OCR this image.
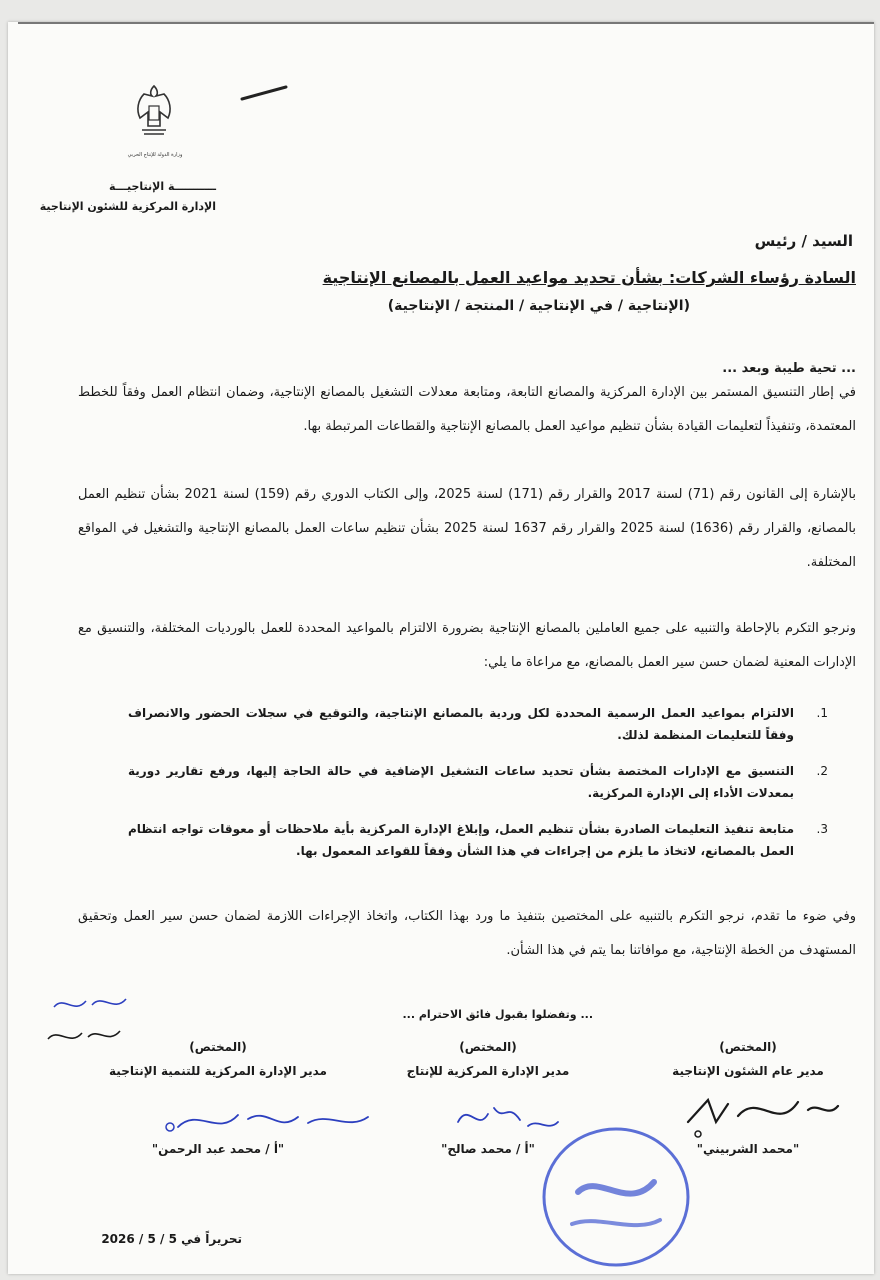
وزارة الدولة للإنتاج الحربي
ـــــــــــة الإنتاجيـــة
الإدارة المركزية للشئون الإنتاجية
السيد / رئيس
السادة رؤساء الشركات: بشأن تحديد مواعيد العمل بالمصانع الإنتاجية
(الإنتاجية / في الإنتاجية / المنتجة / الإنتاجية)
... تحية طيبة وبعد ...
في إطار التنسيق المستمر بين الإدارة المركزية والمصانع التابعة، ومتابعة معدلات التشغيل بالمصانع الإنتاجية، وضمان انتظام العمل وفقاً للخطط المعتمدة، وتنفيذاً لتعليمات القيادة بشأن تنظيم مواعيد العمل بالمصانع الإنتاجية والقطاعات المرتبطة بها.
بالإشارة إلى القانون رقم (71) لسنة 2017 والقرار رقم (171) لسنة 2025، وإلى الكتاب الدوري رقم (159) لسنة 2021 بشأن تنظيم العمل بالمصانع، والقرار رقم (1636) لسنة 2025 والقرار رقم 1637 لسنة 2025 بشأن تنظيم ساعات العمل بالمصانع الإنتاجية والتشغيل في المواقع المختلفة.
ونرجو التكرم بالإحاطة والتنبيه على جميع العاملين بالمصانع الإنتاجية بضرورة الالتزام بالمواعيد المحددة للعمل بالورديات المختلفة، والتنسيق مع الإدارات المعنية لضمان حسن سير العمل بالمصانع، مع مراعاة ما يلي:
1.
الالتزام بمواعيد العمل الرسمية المحددة لكل وردية بالمصانع الإنتاجية، والتوقيع في سجلات الحضور والانصراف وفقاً للتعليمات المنظمة لذلك.
2.
التنسيق مع الإدارات المختصة بشأن تحديد ساعات التشغيل الإضافية في حالة الحاجة إليها، ورفع تقارير دورية بمعدلات الأداء إلى الإدارة المركزية.
3.
متابعة تنفيذ التعليمات الصادرة بشأن تنظيم العمل، وإبلاغ الإدارة المركزية بأية ملاحظات أو معوقات تواجه انتظام العمل بالمصانع، لاتخاذ ما يلزم من إجراءات في هذا الشأن وفقاً للقواعد المعمول بها.
وفي ضوء ما تقدم، نرجو التكرم بالتنبيه على المختصين بتنفيذ ما ورد بهذا الكتاب، واتخاذ الإجراءات اللازمة لضمان حسن سير العمل وتحقيق المستهدف من الخطة الإنتاجية، مع موافاتنا بما يتم في هذا الشأن.
... وتفضلوا بقبول فائق الاحترام ...
(المختص)
مدير عام الشئون الإنتاجية
"محمد الشربيني"
(المختص)
مدير الإدارة المركزية للإنتاج
"أ / محمد صالح"
(المختص)
مدير الإدارة المركزية للتنمية الإنتاجية
"أ / محمد عبد الرحمن"
تحريراً في 5 / 5 / 2026
